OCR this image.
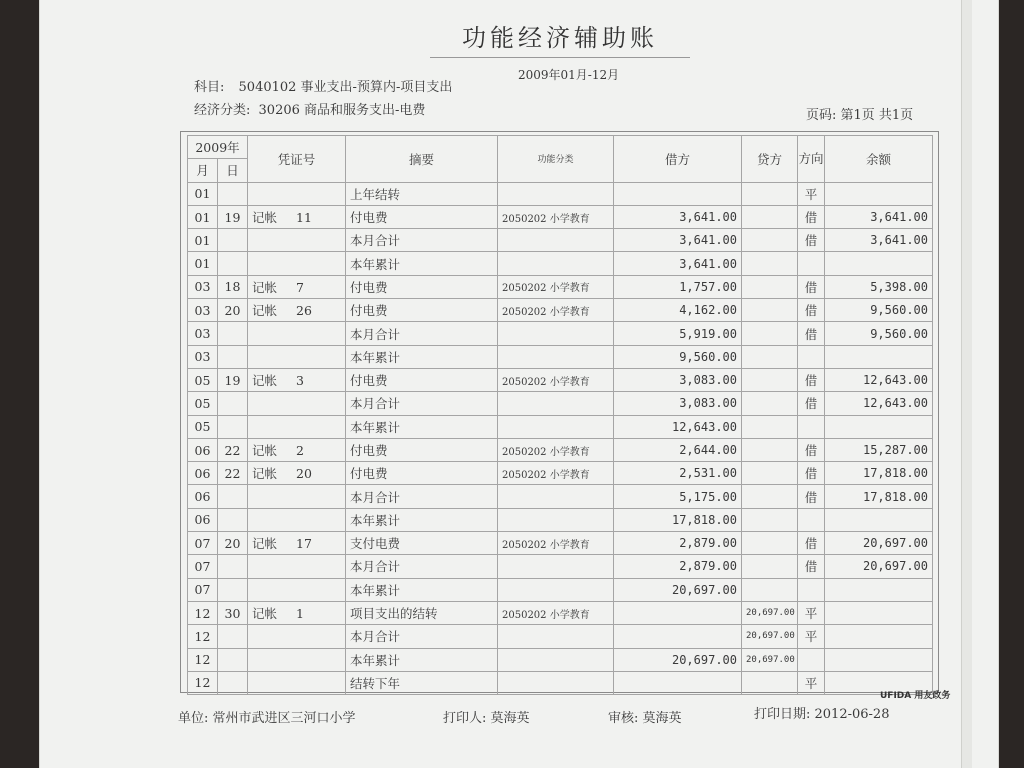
功能经济辅助账
2009年01月-12月
科目: 5040102 事业支出-预算内-项目支出
经济分类: 30206 商品和服务支出-电费	页码: 第1页 共1页
2009年		凭证号	摘要	功能分类	借方	贷方	方向	余额
月	日							
01			上年结转				平	
01	19	记帐 11	付电费	2050202 小学教育	3,641.00		借	3,641.00
01			本月合计		3,641.00		借	3,641.00
01			本年累计		3,641.00			
03	18	记帐 7	付电费	2050202 小学教育	1,757.00		借	5,398.00
03	20	记帐 26	付电费	2050202 小学教育	4,162.00		借	9,560.00
03			本月合计		5,919.00		借	9,560.00
03			本年累计		9,560.00			
05	19	记帐 3	付电费	2050202 小学教育	3,083.00		借	12,643.00
05			本月合计		3,083.00		借	12,643.00
05			本年累计		12,643.00			
06	22	记帐 2	付电费	2050202 小学教育	2,644.00		借	15,287.00
06	22	记帐 20	付电费	2050202 小学教育	2,531.00		借	17,818.00
06			本月合计		5,175.00		借	17,818.00
06			本年累计		17,818.00			
07	20	记帐 17	支付电费	2050202 小学教育	2,879.00		借	20,697.00
07			本月合计		2,879.00		借	20,697.00
07			本年累计		20,697.00			
12	30	记帐 1	项目支出的结转	2050202 小学教育		20,697.00	平	
12			本月合计			20,697.00	平	
12			本年累计		20,697.00	20,697.00		
12			结转下年				平	
单位: 常州市武进区三河口小学	打印人: 莫海英	审核: 莫海英	打印日期: 2012-06-28
UFIDA 用友政务
